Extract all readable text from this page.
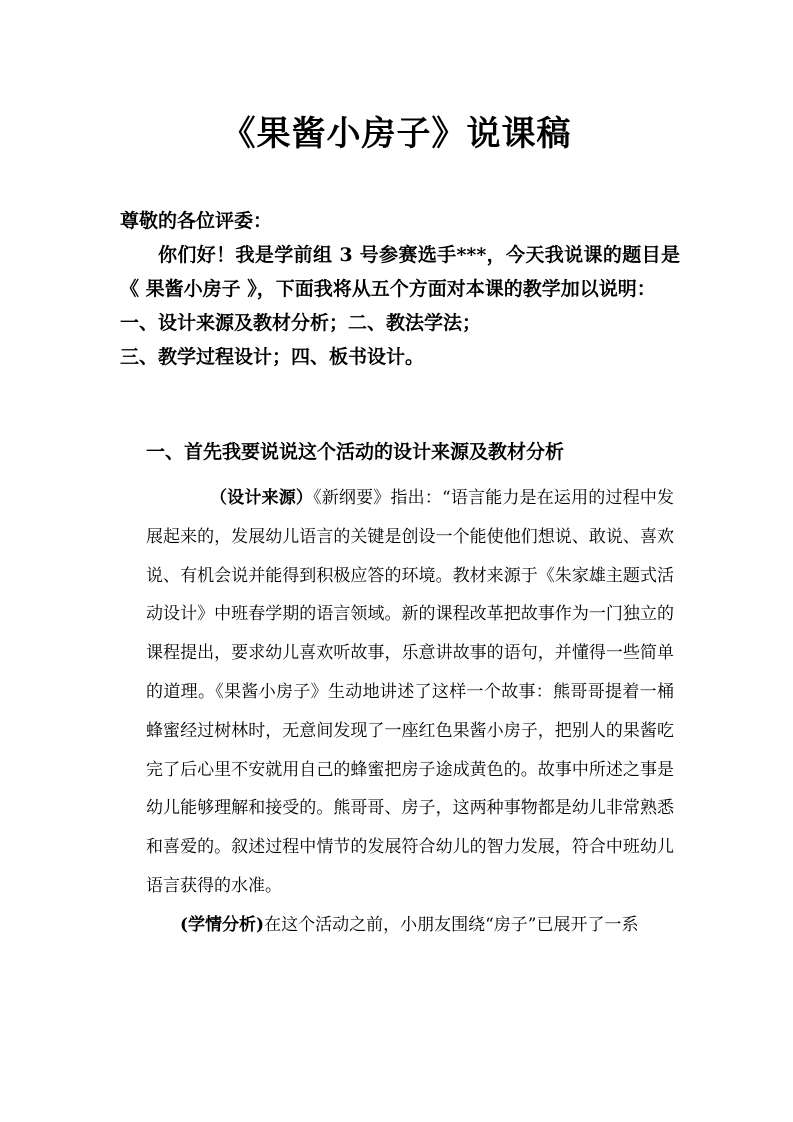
《果酱小房子》说课稿

尊敬的各位评委：

你们好！我是学前组 3 号参赛选手***，今天我说课的题目是《 果酱小房子 》，下面我将从五个方面对本课的教学加以说明：

一、设计来源及教材分析；二、教法学法；

三、教学过程设计；四、板书设计。

一、首先我要说说这个活动的设计来源及教材分析

（设计来源）《新纲要》指出：“语言能力是在运用的过程中发展起来的，发展幼儿语言的关键是创设一个能使他们想说、敢说、喜欢说、有机会说并能得到积极应答的环境。教材来源于《朱家雄主题式活动设计》中班春学期的语言领域。新的课程改革把故事作为一门独立的课程提出，要求幼儿喜欢听故事，乐意讲故事的语句，并懂得一些简单的道理。《果酱小房子》生动地讲述了这样一个故事：熊哥哥提着一桶蜂蜜经过树林时，无意间发现了一座红色果酱小房子，把别人的果酱吃完了后心里不安就用自己的蜂蜜把房子途成黄色的。故事中所述之事是幼儿能够理解和接受的。熊哥哥、房子，这两种事物都是幼儿非常熟悉和喜爱的。叙述过程中情节的发展符合幼儿的智力发展，符合中班幼儿语言获得的水准。

(学情分析)在这个活动之前，小朋友围绕“房子”已展开了一系
